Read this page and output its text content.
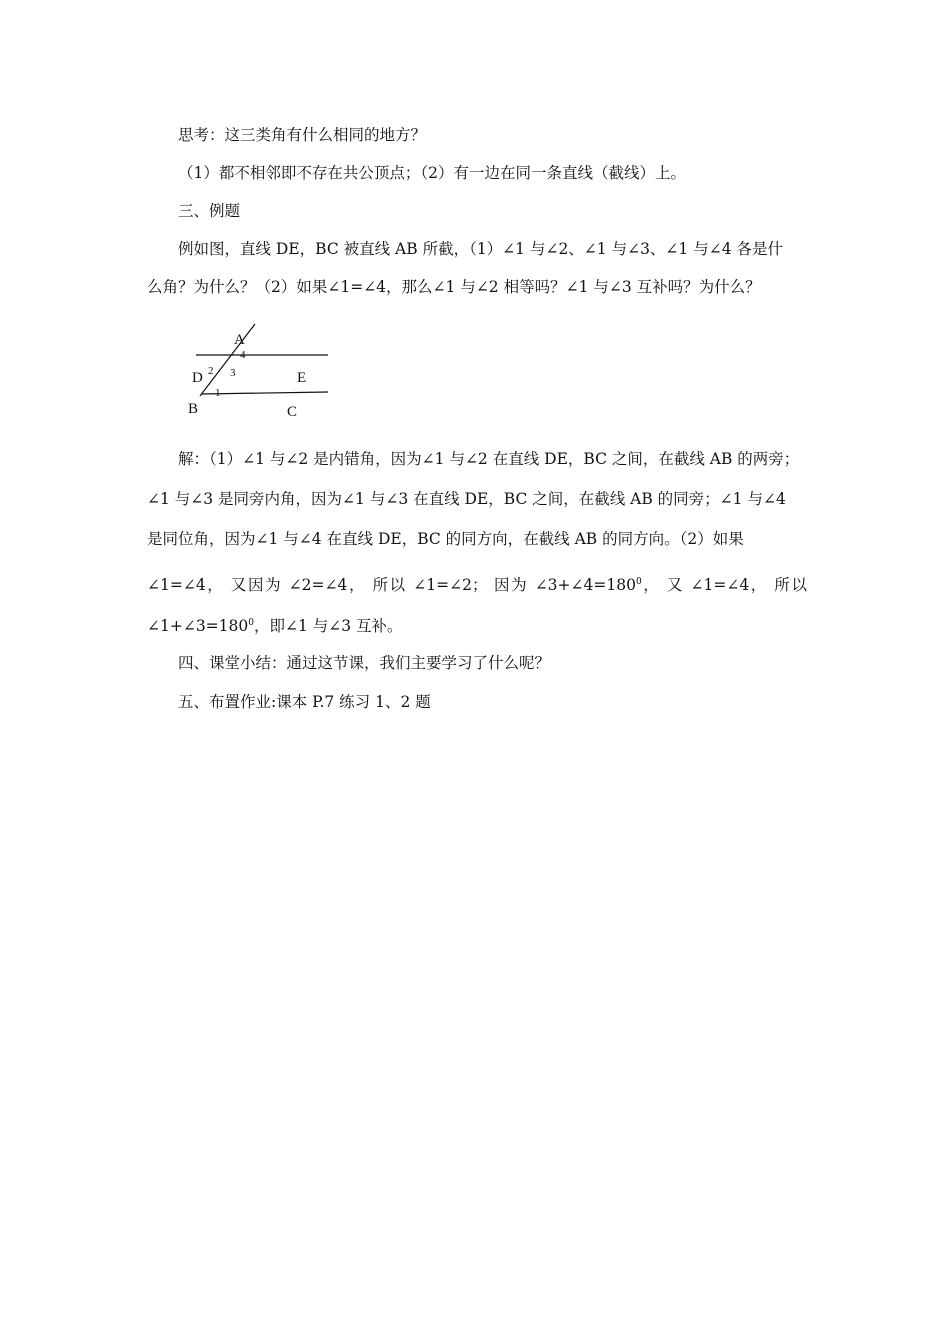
思考：这三类角有什么相同的地方？
（1）都不相邻即不存在共公顶点；（2）有一边在同一条直线（截线）上。
三、例题
例如图，直线 DE，BC 被直线 AB 所截，（1）∠1 与∠2、∠1 与∠3、∠1 与∠4 各是什
么角？为什么？（2）如果∠1=∠4，那么∠1 与∠2 相等吗？∠1 与∠3 互补吗？为什么？
A
4
D 2 3	E
1
B	C
解：（1）∠1 与∠2 是内错角，因为∠1 与∠2 在直线 DE，BC 之间，在截线 AB 的两旁；
∠1 与∠3 是同旁内角，因为∠1 与∠3 在直线 DE，BC 之间，在截线 AB 的同旁；∠1 与∠4
是同位角，因为∠1 与∠4 在直线 DE，BC 的同方向，在截线 AB 的同方向。（2）如果
∠1=∠4， 又因为 ∠2=∠4， 所以 ∠1=∠2； 因为 $\angle 3+\angle 4=180^0$， 又 ∠1=∠4， 所以
$\angle 1+\angle 3=180^0$，即∠1 与∠3 互补。
四、课堂小结：通过这节课，我们主要学习了什么呢？
五、布置作业:课本 P.7 练习 1、2 题
